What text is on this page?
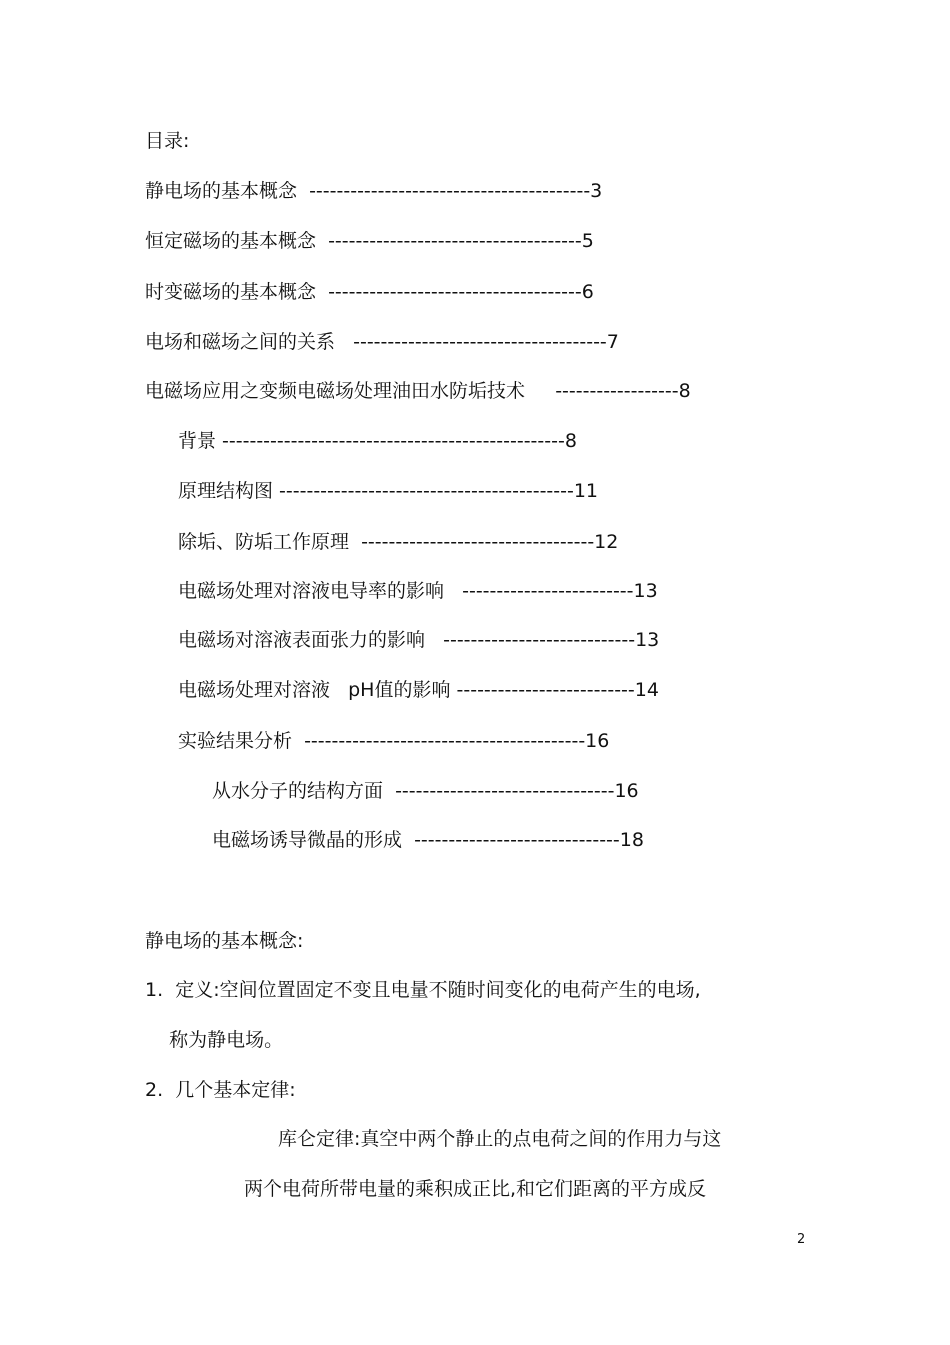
目录:
静电场的基本概念  -----------------------------------------3
恒定磁场的基本概念  -------------------------------------5
时变磁场的基本概念  -------------------------------------6
电场和磁场之间的关系   -------------------------------------7
电磁场应用之变频电磁场处理油田水防垢技术     ------------------8
背景 --------------------------------------------------8
原理结构图 -------------------------------------------11
除垢、防垢工作原理  ----------------------------------12
电磁场处理对溶液电导率的影响   -------------------------13
电磁场对溶液表面张力的影响   ----------------------------13
电磁场处理对溶液   pH值的影响 --------------------------14
实验结果分析  -----------------------------------------16
从水分子的结构方面  --------------------------------16
电磁场诱导微晶的形成  ------------------------------18
静电场的基本概念:
1.  定义:空间位置固定不变且电量不随时间变化的电荷产生的电场,
称为静电场。
2.  几个基本定律:
库仑定律:真空中两个静止的点电荷之间的作用力与这
两个电荷所带电量的乘积成正比,和它们距离的平方成反
2
